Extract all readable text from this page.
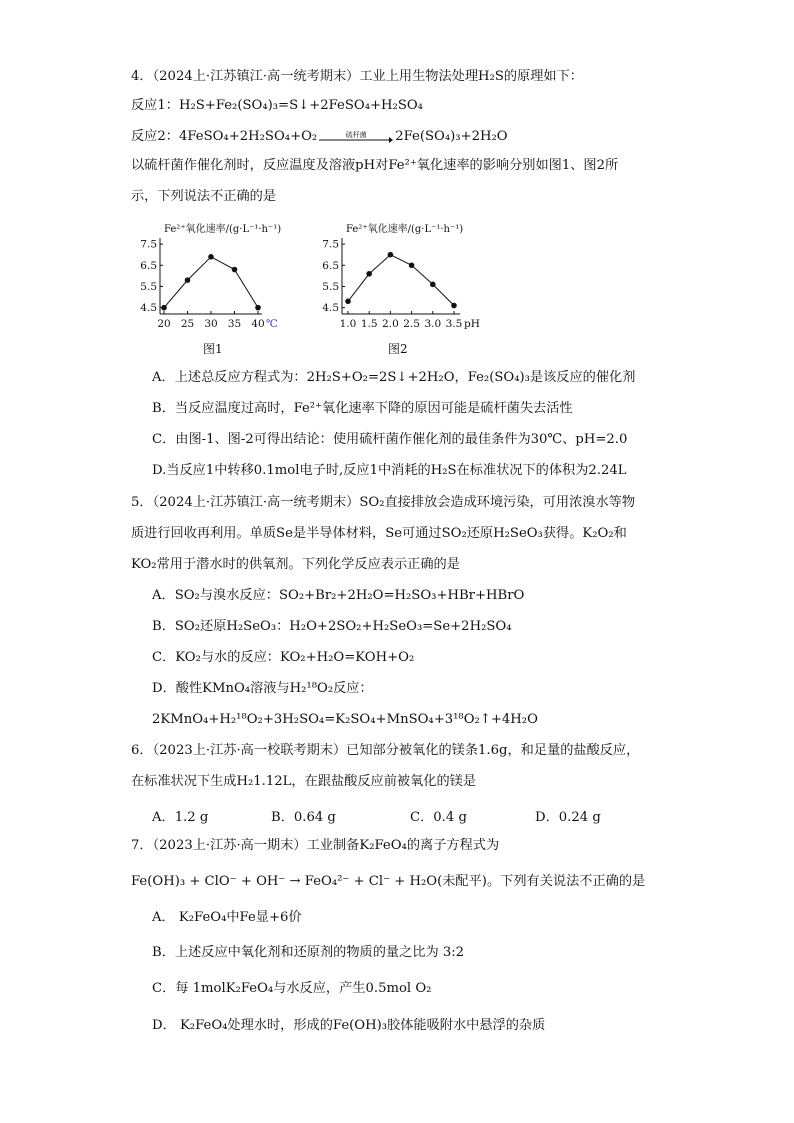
4．（2024上·江苏镇江·高一统考期末）工业上用生物法处理H₂S的原理如下：
反应1：H₂S+Fe₂(SO₄)₃=S↓+2FeSO₄+H₂SO₄
反应2：4FeSO₄+2H₂SO₄+O₂	硫杆菌	2Fe(SO₄)₃+2H₂O
以硫杆菌作催化剂时，反应温度及溶液pH对Fe²⁺氧化速率的影响分别如图1、图2所
示，下列说法不正确的是
4.5
5.5
6.5
7.5
20 25 30 35 40 ℃
Fe²⁺氧化速率/(g·L⁻¹·h⁻¹)
图1
4.5
5.5
6.5
7.5
1.0 1.5 2.0 2.5 3.0 3.5 pH
Fe²⁺氧化速率/(g·L⁻¹·h⁻¹)
图2
A．上述总反应方程式为：2H₂S+O₂=2S↓+2H₂O，Fe₂(SO₄)₃是该反应的催化剂
B．当反应温度过高时，Fe²⁺氧化速率下降的原因可能是硫杆菌失去活性
C．由图-1、图-2可得出结论：使用硫杆菌作催化剂的最佳条件为30℃、pH=2.0
D.当反应1中转移0.1mol电子时,反应1中消耗的H₂S在标准状况下的体积为2.24L
5．（2024上·江苏镇江·高一统考期末）SO₂直接排放会造成环境污染，可用浓溴水等物
质进行回收再利用。单质Se是半导体材料，Se可通过SO₂还原H₂SeO₃获得。K₂O₂和
KO₂常用于潜水时的供氧剂。下列化学反应表示正确的是
A．SO₂与溴水反应：SO₂+Br₂+2H₂O=H₂SO₃+HBr+HBrO
B．SO₂还原H₂SeO₃：H₂O+2SO₂+H₂SeO₃=Se+2H₂SO₄
C．KO₂与水的反应：KO₂+H₂O=KOH+O₂
D．酸性KMnO₄溶液与H₂¹⁸O₂反应：
2KMnO₄+H₂¹⁸O₂+3H₂SO₄=K₂SO₄+MnSO₄+3¹⁸O₂↑+4H₂O
6．（2023上·江苏·高一校联考期末）已知部分被氧化的镁条1.6g，和足量的盐酸反应，
在标准状况下生成H₂1.12L，在跟盐酸反应前被氧化的镁是
A．1.2 g	B．0.64 g	C．0.4 g	D．0.24 g
7．（2023上·江苏·高一期末）工业制备K₂FeO₄的离子方程式为
Fe(OH)₃ + ClO⁻ + OH⁻ → FeO₄²⁻ + Cl⁻ + H₂O(未配平)。下列有关说法不正确的是
A． K₂FeO₄中Fe显+6价
B．上述反应中氧化剂和还原剂的物质的量之比为 3:2
C．每 1molK₂FeO₄与水反应，产生0.5mol O₂
D． K₂FeO₄处理水时，形成的Fe(OH)₃胶体能吸附水中悬浮的杂质
